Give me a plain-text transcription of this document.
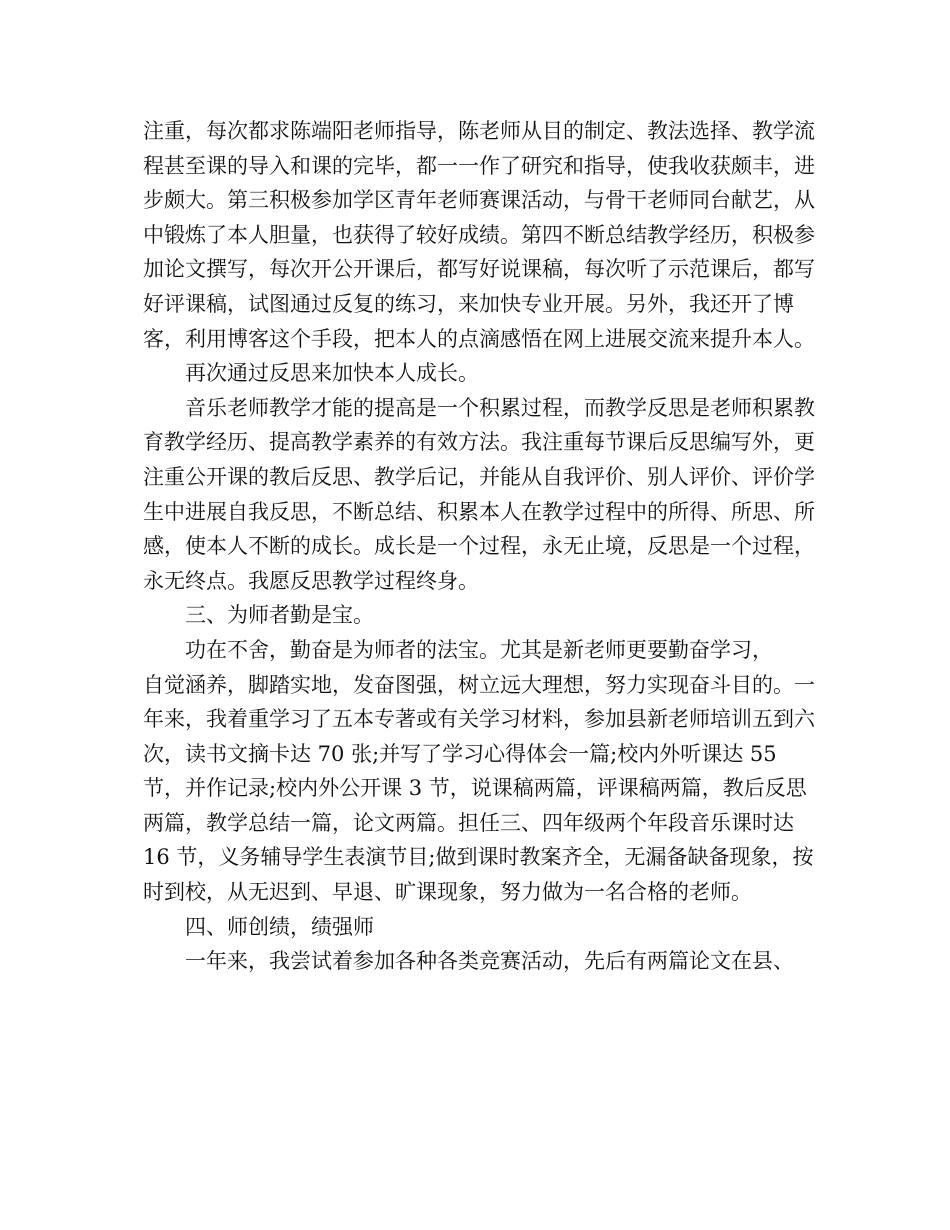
注重，每次都求陈端阳老师指导，陈老师从目的制定、教法选择、教学流程甚至课的导入和课的完毕，都一一作了研究和指导，使我收获颇丰，进步颇大。第三积极参加学区青年老师赛课活动，与骨干老师同台献艺，从中锻炼了本人胆量，也获得了较好成绩。第四不断总结教学经历，积极参加论文撰写，每次开公开课后，都写好说课稿，每次听了示范课后，都写好评课稿，试图通过反复的练习，来加快专业开展。另外，我还开了博客，利用博客这个手段，把本人的点滴感悟在网上进展交流来提升本人。

再次通过反思来加快本人成长。

音乐老师教学才能的提高是一个积累过程，而教学反思是老师积累教育教学经历、提高教学素养的有效方法。我注重每节课后反思编写外，更注重公开课的教后反思、教学后记，并能从自我评价、别人评价、评价学生中进展自我反思，不断总结、积累本人在教学过程中的所得、所思、所感，使本人不断的成长。成长是一个过程，永无止境，反思是一个过程，永无终点。我愿反思教学过程终身。

三、为师者勤是宝。

功在不舍，勤奋是为师者的法宝。尤其是新老师更要勤奋学习，

自觉涵养，脚踏实地，发奋图强，树立远大理想，努力实现奋斗目的。一年来，我着重学习了五本专著或有关学习材料，参加县新老师培训五到六次，读书文摘卡达 70 张;并写了学习心得体会一篇;校内外听课达 55 节，并作记录;校内外公开课 3 节，说课稿两篇，评课稿两篇，教后反思两篇，教学总结一篇，论文两篇。担任三、四年级两个年段音乐课时达 16 节，义务辅导学生表演节目;做到课时教案齐全，无漏备缺备现象，按时到校，从无迟到、早退、旷课现象，努力做为一名合格的老师。

四、师创绩，绩强师

一年来，我尝试着参加各种各类竞赛活动，先后有两篇论文在县、
